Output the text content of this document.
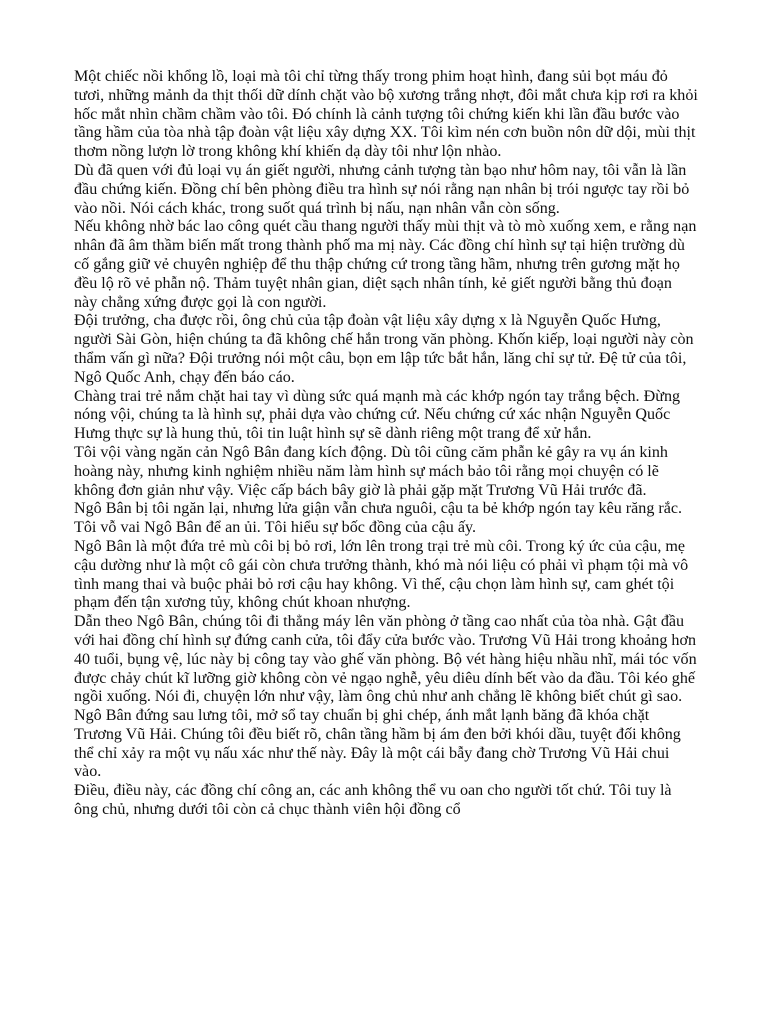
Một chiếc nồi khổng lồ, loại mà tôi chỉ từng thấy trong phim hoạt hình, đang sủi bọt máu đỏ tươi, những mảnh da thịt thối dữ dính chặt vào bộ xương trắng nhợt, đôi mắt chưa kịp rơi ra khỏi hốc mắt nhìn chầm chầm vào tôi. Đó chính là cảnh tượng tôi chứng kiến khi lần đầu bước vào tầng hầm của tòa nhà tập đoàn vật liệu xây dựng XX. Tôi kìm nén cơn buồn nôn dữ dội, mùi thịt thơm nồng lượn lờ trong không khí khiến dạ dày tôi như lộn nhào.

Dù đã quen với đủ loại vụ án giết người, nhưng cảnh tượng tàn bạo như hôm nay, tôi vẫn là lần đầu chứng kiến. Đồng chí bên phòng điều tra hình sự nói rằng nạn nhân bị trói ngược tay rồi bỏ vào nồi. Nói cách khác, trong suốt quá trình bị nấu, nạn nhân vẫn còn sống.

Nếu không nhờ bác lao công quét cầu thang người thấy mùi thịt và tò mò xuống xem, e rằng nạn nhân đã âm thầm biến mất trong thành phố ma mị này. Các đồng chí hình sự tại hiện trường dù cố gắng giữ vẻ chuyên nghiệp để thu thập chứng cứ trong tầng hầm, nhưng trên gương mặt họ đều lộ rõ vẻ phẫn nộ. Thảm tuyệt nhân gian, diệt sạch nhân tính, kẻ giết người bằng thủ đoạn này chẳng xứng được gọi là con người.

Đội trưởng, cha được rồi, ông chủ của tập đoàn vật liệu xây dựng x là Nguyễn Quốc Hưng, người Sài Gòn, hiện chúng ta đã không chế hắn trong văn phòng. Khốn kiếp, loại người này còn thẩm vấn gì nữa? Đội trưởng nói một câu, bọn em lập tức bắt hắn, lăng chỉ sự tử. Đệ tử của tôi, Ngô Quốc Anh, chạy đến báo cáo.

Chàng trai trẻ nắm chặt hai tay vì dùng sức quá mạnh mà các khớp ngón tay trắng bệch. Đừng nóng vội, chúng ta là hình sự, phải dựa vào chứng cứ. Nếu chứng cứ xác nhận Nguyễn Quốc Hưng thực sự là hung thủ, tôi tin luật hình sự sẽ dành riêng một trang để xử hắn.

Tôi vội vàng ngăn cản Ngô Bân đang kích động. Dù tôi cũng căm phẫn kẻ gây ra vụ án kinh hoàng này, nhưng kinh nghiệm nhiều năm làm hình sự mách bảo tôi rằng mọi chuyện có lẽ không đơn giản như vậy. Việc cấp bách bây giờ là phải gặp mặt Trương Vũ Hải trước đã.

Ngô Bân bị tôi ngăn lại, nhưng lửa giận vẫn chưa nguôi, cậu ta bẻ khớp ngón tay kêu răng rắc. Tôi vỗ vai Ngô Bân để an ủi. Tôi hiểu sự bốc đồng của cậu ấy.

Ngô Bân là một đứa trẻ mù côi bị bỏ rơi, lớn lên trong trại trẻ mù côi. Trong ký ức của cậu, mẹ cậu dường như là một cô gái còn chưa trưởng thành, khó mà nói liệu có phải vì phạm tội mà vô tình mang thai và buộc phải bỏ rơi cậu hay không. Vì thế, cậu chọn làm hình sự, cam ghét tội phạm đến tận xương tủy, không chút khoan nhượng.

Dẫn theo Ngô Bân, chúng tôi đi thẳng máy lên văn phòng ở tầng cao nhất của tòa nhà. Gật đầu với hai đồng chí hình sự đứng canh cửa, tôi đẩy cửa bước vào. Trương Vũ Hải trong khoảng hơn 40 tuổi, bụng vệ, lúc này bị công tay vào ghế văn phòng. Bộ vét hàng hiệu nhầu nhĩ, mái tóc vốn được chảy chút kĩ lưỡng giờ không còn vẻ ngạo nghễ, yêu diêu dính bết vào da đầu. Tôi kéo ghế ngồi xuống. Nói đi, chuyện lớn như vậy, làm ông chủ như anh chẳng lẽ không biết chút gì sao.

Ngô Bân đứng sau lưng tôi, mở sổ tay chuẩn bị ghi chép, ánh mắt lạnh băng đã khóa chặt Trương Vũ Hải. Chúng tôi đều biết rõ, chân tầng hầm bị ám đen bởi khói dầu, tuyệt đối không thể chỉ xảy ra một vụ nấu xác như thế này. Đây là một cái bẫy đang chờ Trương Vũ Hải chui vào.

Điều, điều này, các đồng chí công an, các anh không thể vu oan cho người tốt chứ. Tôi tuy là ông chủ, nhưng dưới tôi còn cả chục thành viên hội đồng cổ
